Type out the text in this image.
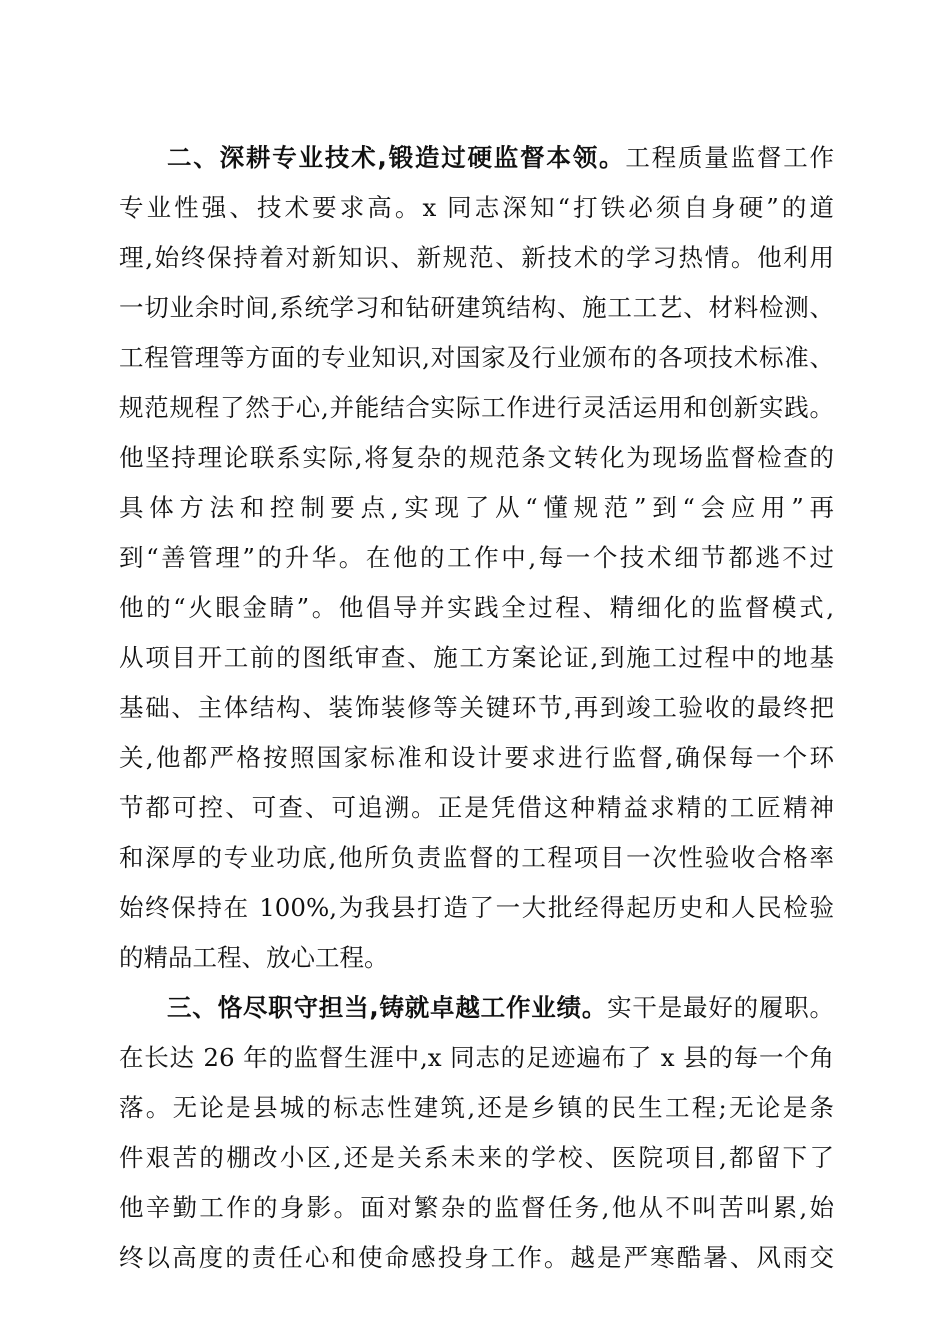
二、深耕专业技术,锻造过硬监督本领。工程质量监督工作
专业性强、技术要求高。x 同志深知“打铁必须自身硬”的道
理,始终保持着对新知识、新规范、新技术的学习热情。他利用
一切业余时间,系统学习和钻研建筑结构、施工工艺、材料检测、
工程管理等方面的专业知识,对国家及行业颁布的各项技术标准、
规范规程了然于心,并能结合实际工作进行灵活运用和创新实践。
他坚持理论联系实际,将复杂的规范条文转化为现场监督检查的
具体方法和控制要点,实现了从“懂规范”到“会应用”再
到“善管理”的升华。在他的工作中,每一个技术细节都逃不过
他的“火眼金睛”。他倡导并实践全过程、精细化的监督模式,
从项目开工前的图纸审查、施工方案论证,到施工过程中的地基
基础、主体结构、装饰装修等关键环节,再到竣工验收的最终把
关,他都严格按照国家标准和设计要求进行监督,确保每一个环
节都可控、可查、可追溯。正是凭借这种精益求精的工匠精神
和深厚的专业功底,他所负责监督的工程项目一次性验收合格率
始终保持在 100%,为我县打造了一大批经得起历史和人民检验
的精品工程、放心工程。
三、恪尽职守担当,铸就卓越工作业绩。实干是最好的履职。
在长达 26 年的监督生涯中,x 同志的足迹遍布了 x 县的每一个角
落。无论是县城的标志性建筑,还是乡镇的民生工程;无论是条
件艰苦的棚改小区,还是关系未来的学校、医院项目,都留下了
他辛勤工作的身影。面对繁杂的监督任务,他从不叫苦叫累,始
终以高度的责任心和使命感投身工作。越是严寒酷暑、风雨交
